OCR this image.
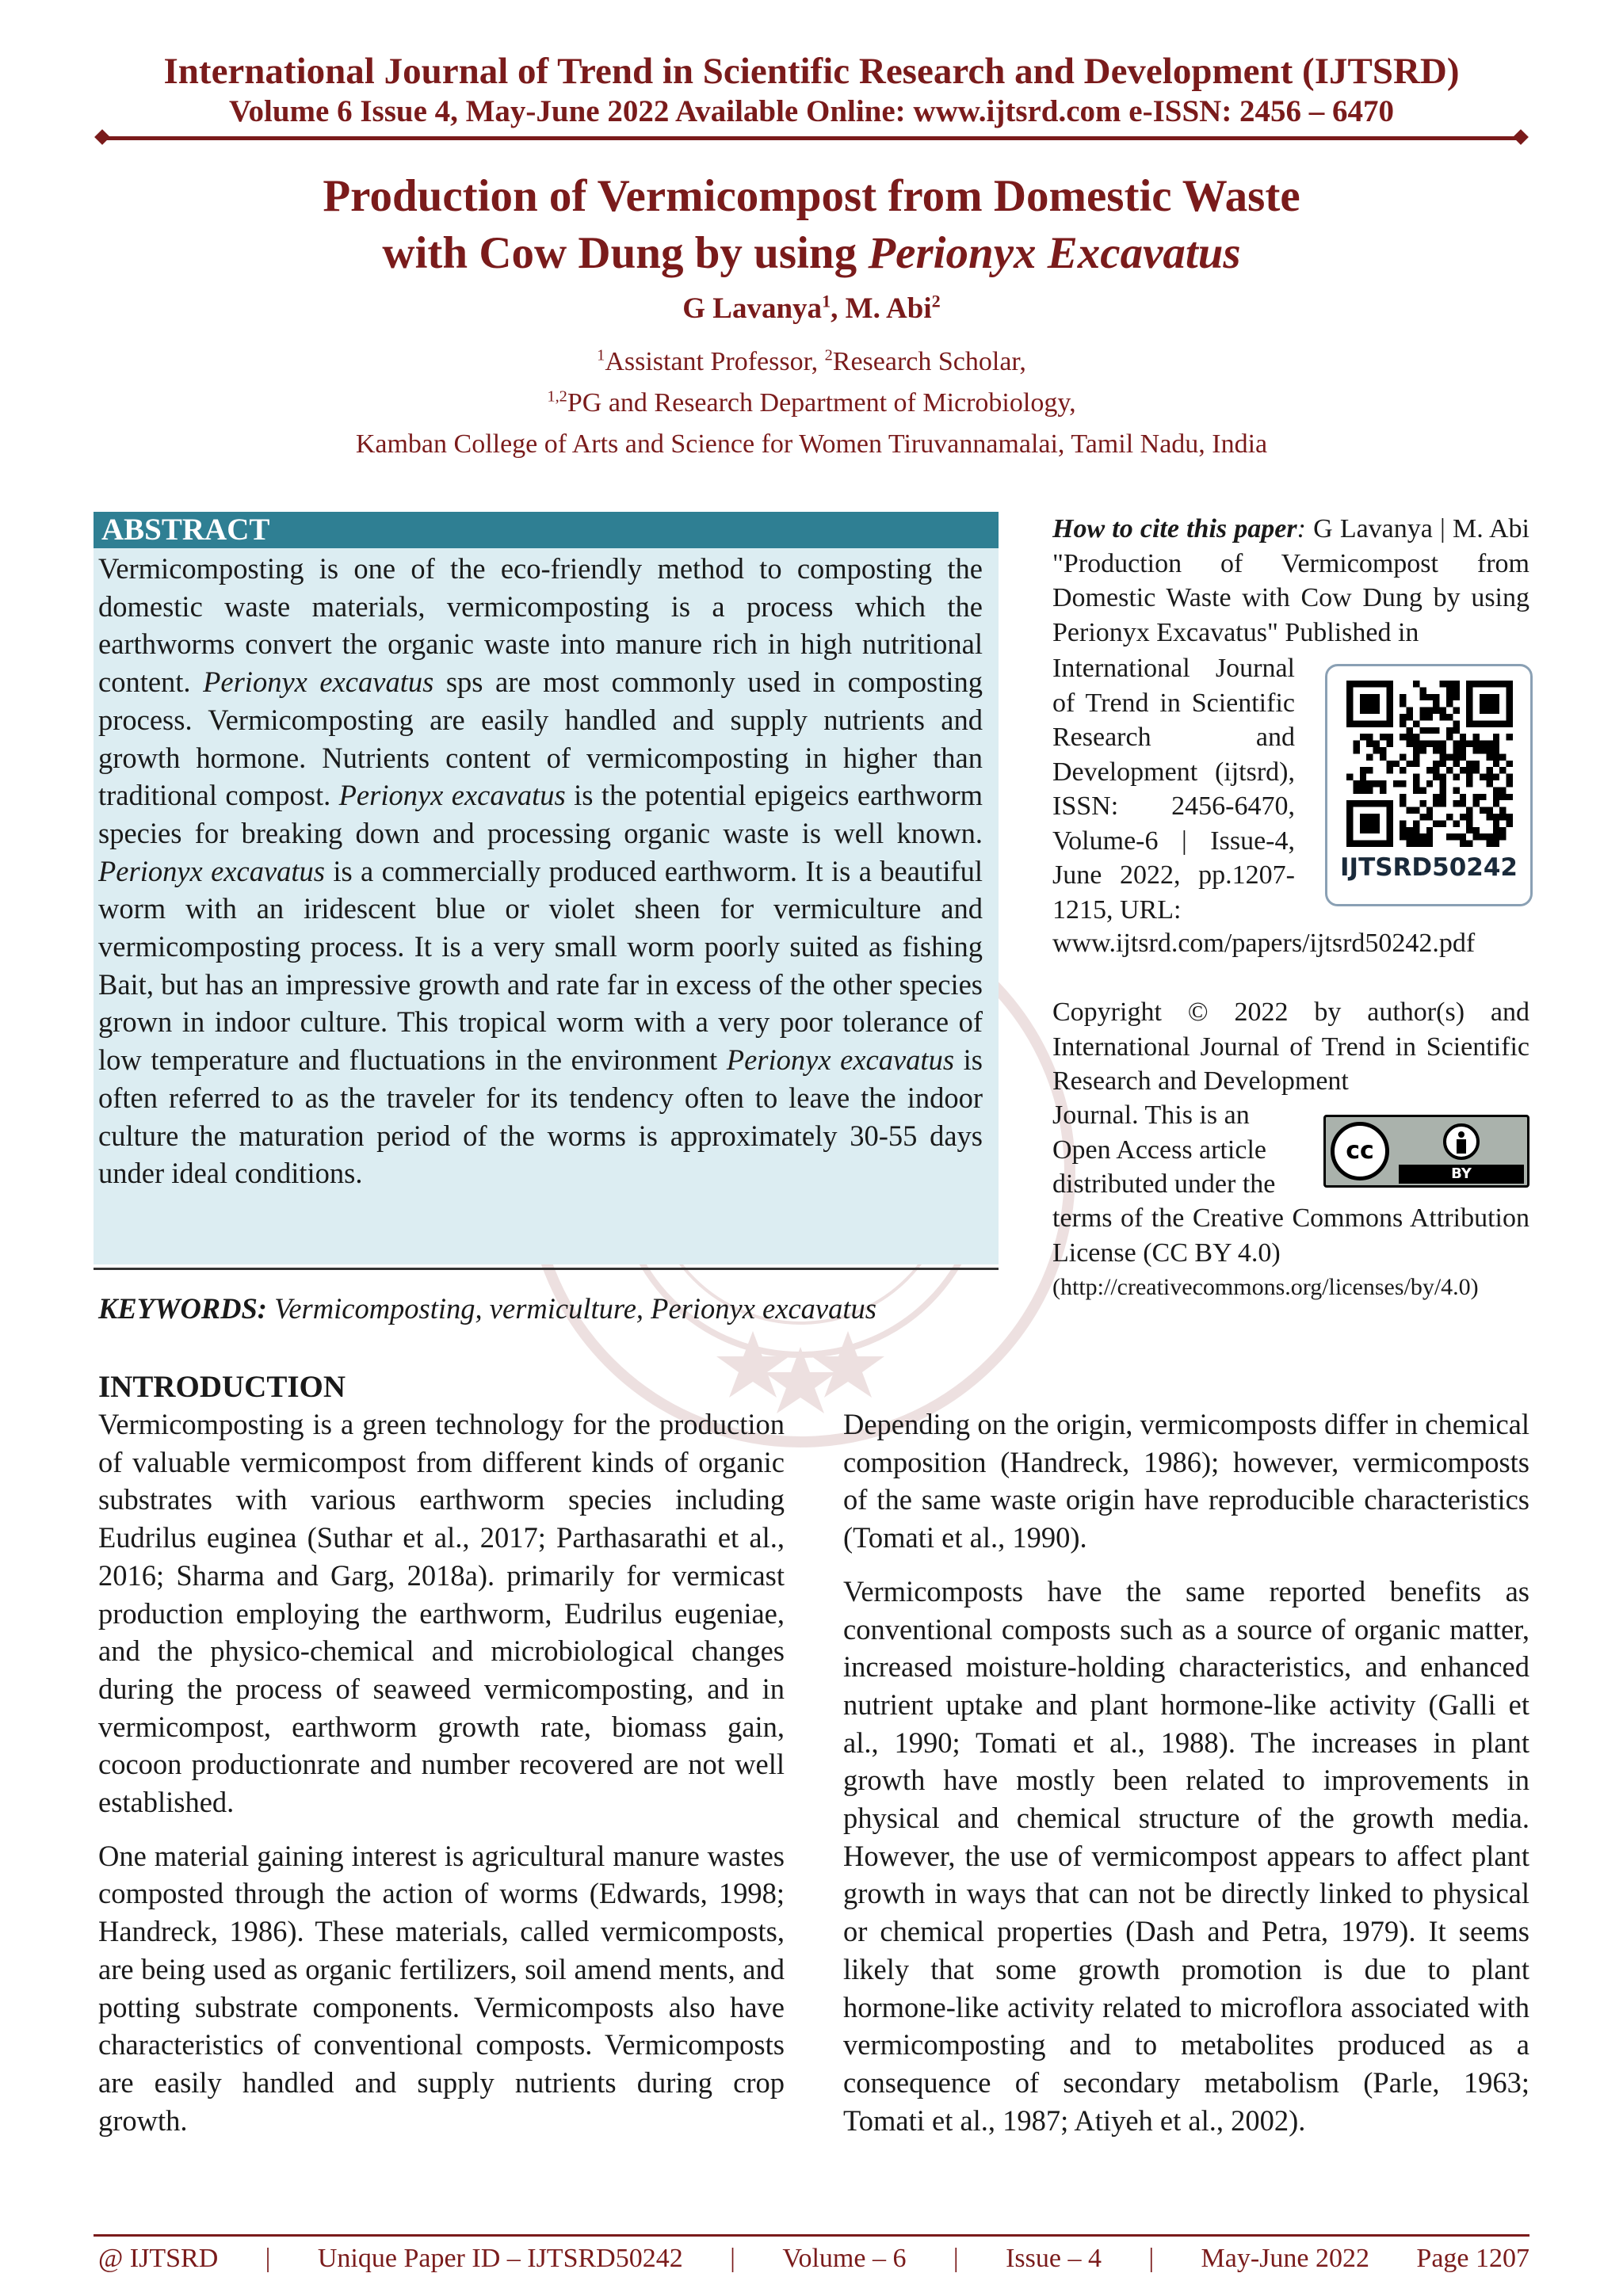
International Journal of Trend in Scientific Research and Development (IJTSRD)
Volume 6 Issue 4, May-June 2022 Available Online: www.ijtsrd.com e-ISSN: 2456 – 6470
Production of Vermicompost from Domestic Waste
with Cow Dung by using Perionyx Excavatus
G Lavanya$^1$, M. Abi$^2$
$^1$Assistant Professor, $^2$Research Scholar,
$^{1,2}$PG and Research Department of Microbiology,
Kamban College of Arts and Science for Women Tiruvannamalai, Tamil Nadu, India
ABSTRACT
Vermicomposting is one of the eco-friendly method to composting the domestic waste materials, vermicomposting is a process which the earthworms convert the organic waste into manure rich in high nutritional content. Perionyx excavatus sps are most commonly used in composting process. Vermicomposting are easily handled and supply nutrients and growth hormone. Nutrients content of vermicomposting in higher than traditional compost. Perionyx excavatus is the potential epigeics earthworm species for breaking down and processing organic waste is well known. Perionyx excavatus is a commercially produced earthworm. It is a beautiful worm with an iridescent blue or violet sheen for vermiculture and vermicomposting process. It is a very small worm poorly suited as fishing Bait, but has an impressive growth and rate far in excess of the other species grown in indoor culture. This tropical worm with a very poor tolerance of low temperature and fluctuations in the environment Perionyx excavatus is often referred to as the traveler for its tendency often to leave the indoor culture the maturation period of the worms is approximately 30-55 days under ideal conditions.
KEYWORDS: Vermicomposting, vermiculture, Perionyx excavatus
How to cite this paper: G Lavanya | M. Abi "Production of Vermicompost from Domestic Waste with Cow Dung by using Perionyx Excavatus" Published in
International Journal of Trend in Scientific Research and Development (ijtsrd), ISSN: 2456-6470, Volume-6 | Issue-4, June 2022, pp.1207-1215, URL:
www.ijtsrd.com/papers/ijtsrd50242.pdf
IJTSRD50242
Copyright © 2022 by author(s) and International Journal of Trend in Scientific Research and Development
Journal. This is an Open Access article distributed under the
cc
BY
terms of the Creative Commons Attribution License (CC BY 4.0)
(http://creativecommons.org/licenses/by/4.0)
INTRODUCTION

Vermicomposting is a green technology for the production of valuable vermicompost from different kinds of organic substrates with various earthworm species including Eudrilus euginea (Suthar et al., 2017; Parthasarathi et al., 2016; Sharma and Garg, 2018a). primarily for vermicast production employing the earthworm, Eudrilus eugeniae, and the physico-chemical and microbiological changes during the process of seaweed vermicomposting, and in vermicompost, earthworm growth rate, biomass gain, cocoon productionrate and number recovered are not well established.

One material gaining interest is agricultural manure wastes composted through the action of worms (Edwards, 1998; Handreck, 1986). These materials, called vermicomposts, are being used as organic fertilizers, soil amend ments, and potting substrate components. Vermicomposts also have characteristics of conventional composts. Vermicomposts are easily handled and supply nutrients during crop growth.

Depending on the origin, vermicomposts differ in chemical composition (Handreck, 1986); however, vermicomposts of the same waste origin have reproducible characteristics (Tomati et al., 1990).

Vermicomposts have the same reported benefits as conventional composts such as a source of organic matter, increased moisture-holding characteristics, and enhanced nutrient uptake and plant hormone-like activity (Galli et al., 1990; Tomati et al., 1988). The increases in plant growth have mostly been related to improvements in physical and chemical structure of the growth media. However, the use of vermicompost appears to affect plant growth in ways that can not be directly linked to physical or chemical properties (Dash and Petra, 1979). It seems likely that some growth promotion is due to plant hormone-like activity related to microflora associated with vermicomposting and to metabolites produced as a consequence of secondary metabolism (Parle, 1963; Tomati et al., 1987; Atiyeh et al., 2002).

@ IJTSRD | Unique Paper ID – IJTSRD50242 | Volume – 6 | Issue – 4 | May-June 2022 Page 1207
